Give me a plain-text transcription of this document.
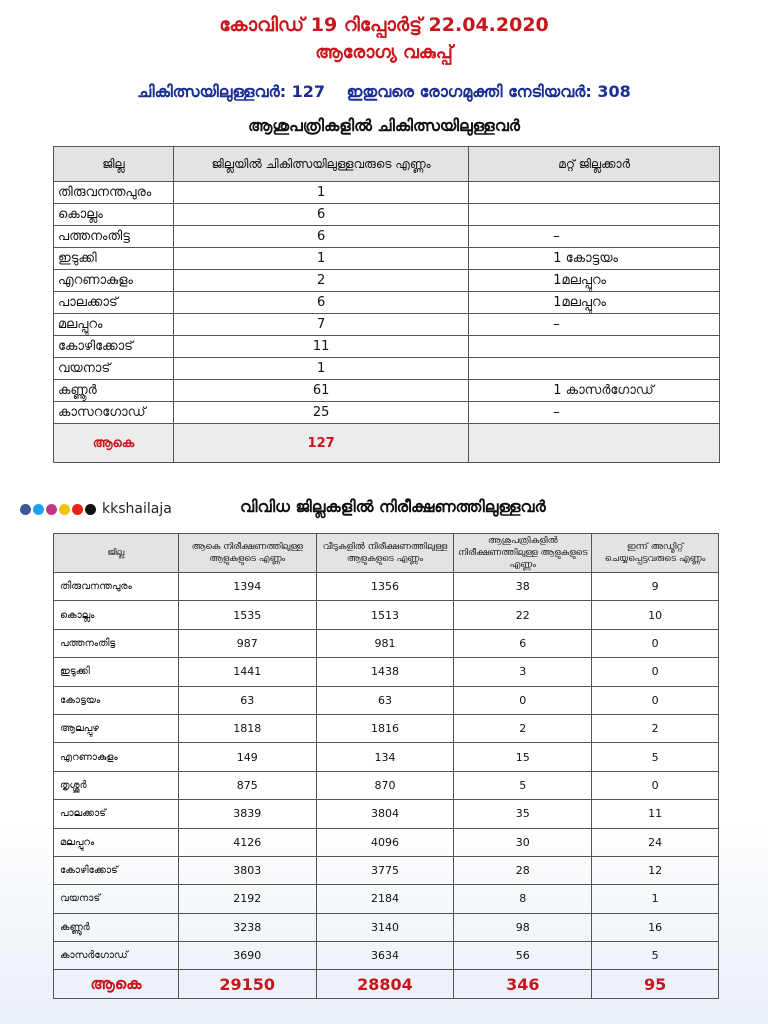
കോവിഡ് 19 റിപ്പോർട്ട് 22.04.2020
ആരോഗ്യ വകുപ്പ്
ചികിത്സയിലുള്ളവർ: 127 ഇതുവരെ രോഗമുക്തി നേടിയവർ: 308
ആശുപത്രികളിൽ ചികിത്സയിലുള്ളവർ
ജില്ല	ജില്ലയിൽ ചികിത്സയിലുള്ളവരുടെ എണ്ണം	മറ്റ് ജില്ലക്കാർ
തിരുവനന്തപുരം	1	
കൊല്ലം	6	
പത്തനംതിട്ട	6	–
ഇടുക്കി	1	1 കോട്ടയം
എറണാകുളം	2	1മലപ്പുറം
പാലക്കാട്	6	1മലപ്പുറം
മലപ്പുറം	7	–
കോഴിക്കോട്	11	
വയനാട്	1	
കണ്ണൂർ	61	1 കാസർഗോഡ്
കാസറഗോഡ്	25	–
ആകെ	127	
kkshailaja	വിവിധ ജില്ലകളിൽ നിരീക്ഷണത്തിലുള്ളവർ
ജില്ല	ആകെ നിരീക്ഷണത്തിലുള്ള ആളുകളുടെ എണ്ണം	വീടുകളിൽ നിരീക്ഷണത്തിലുള്ള ആളുകളുടെ എണ്ണം	ആശുപത്രികളിൽ നിരീക്ഷണത്തിലുള്ള ആളുകളുടെ എണ്ണം	ഇന്ന് അഡ്മിറ്റ് ചെയ്യപ്പെട്ടവരുടെ എണ്ണം
തിരുവനന്തപുരം	1394	1356	38	9
കൊല്ലം	1535	1513	22	10
പത്തനംതിട്ട	987	981	6	0
ഇടുക്കി	1441	1438	3	0
കോട്ടയം	63	63	0	0
ആലപ്പുഴ	1818	1816	2	2
എറണാകുളം	149	134	15	5
തൃശ്ശൂർ	875	870	5	0
പാലക്കാട്	3839	3804	35	11
മലപ്പുറം	4126	4096	30	24
കോഴിക്കോട്	3803	3775	28	12
വയനാട്	2192	2184	8	1
കണ്ണൂർ	3238	3140	98	16
കാസർഗോഡ്	3690	3634	56	5
ആകെ	29150	28804	346	95
